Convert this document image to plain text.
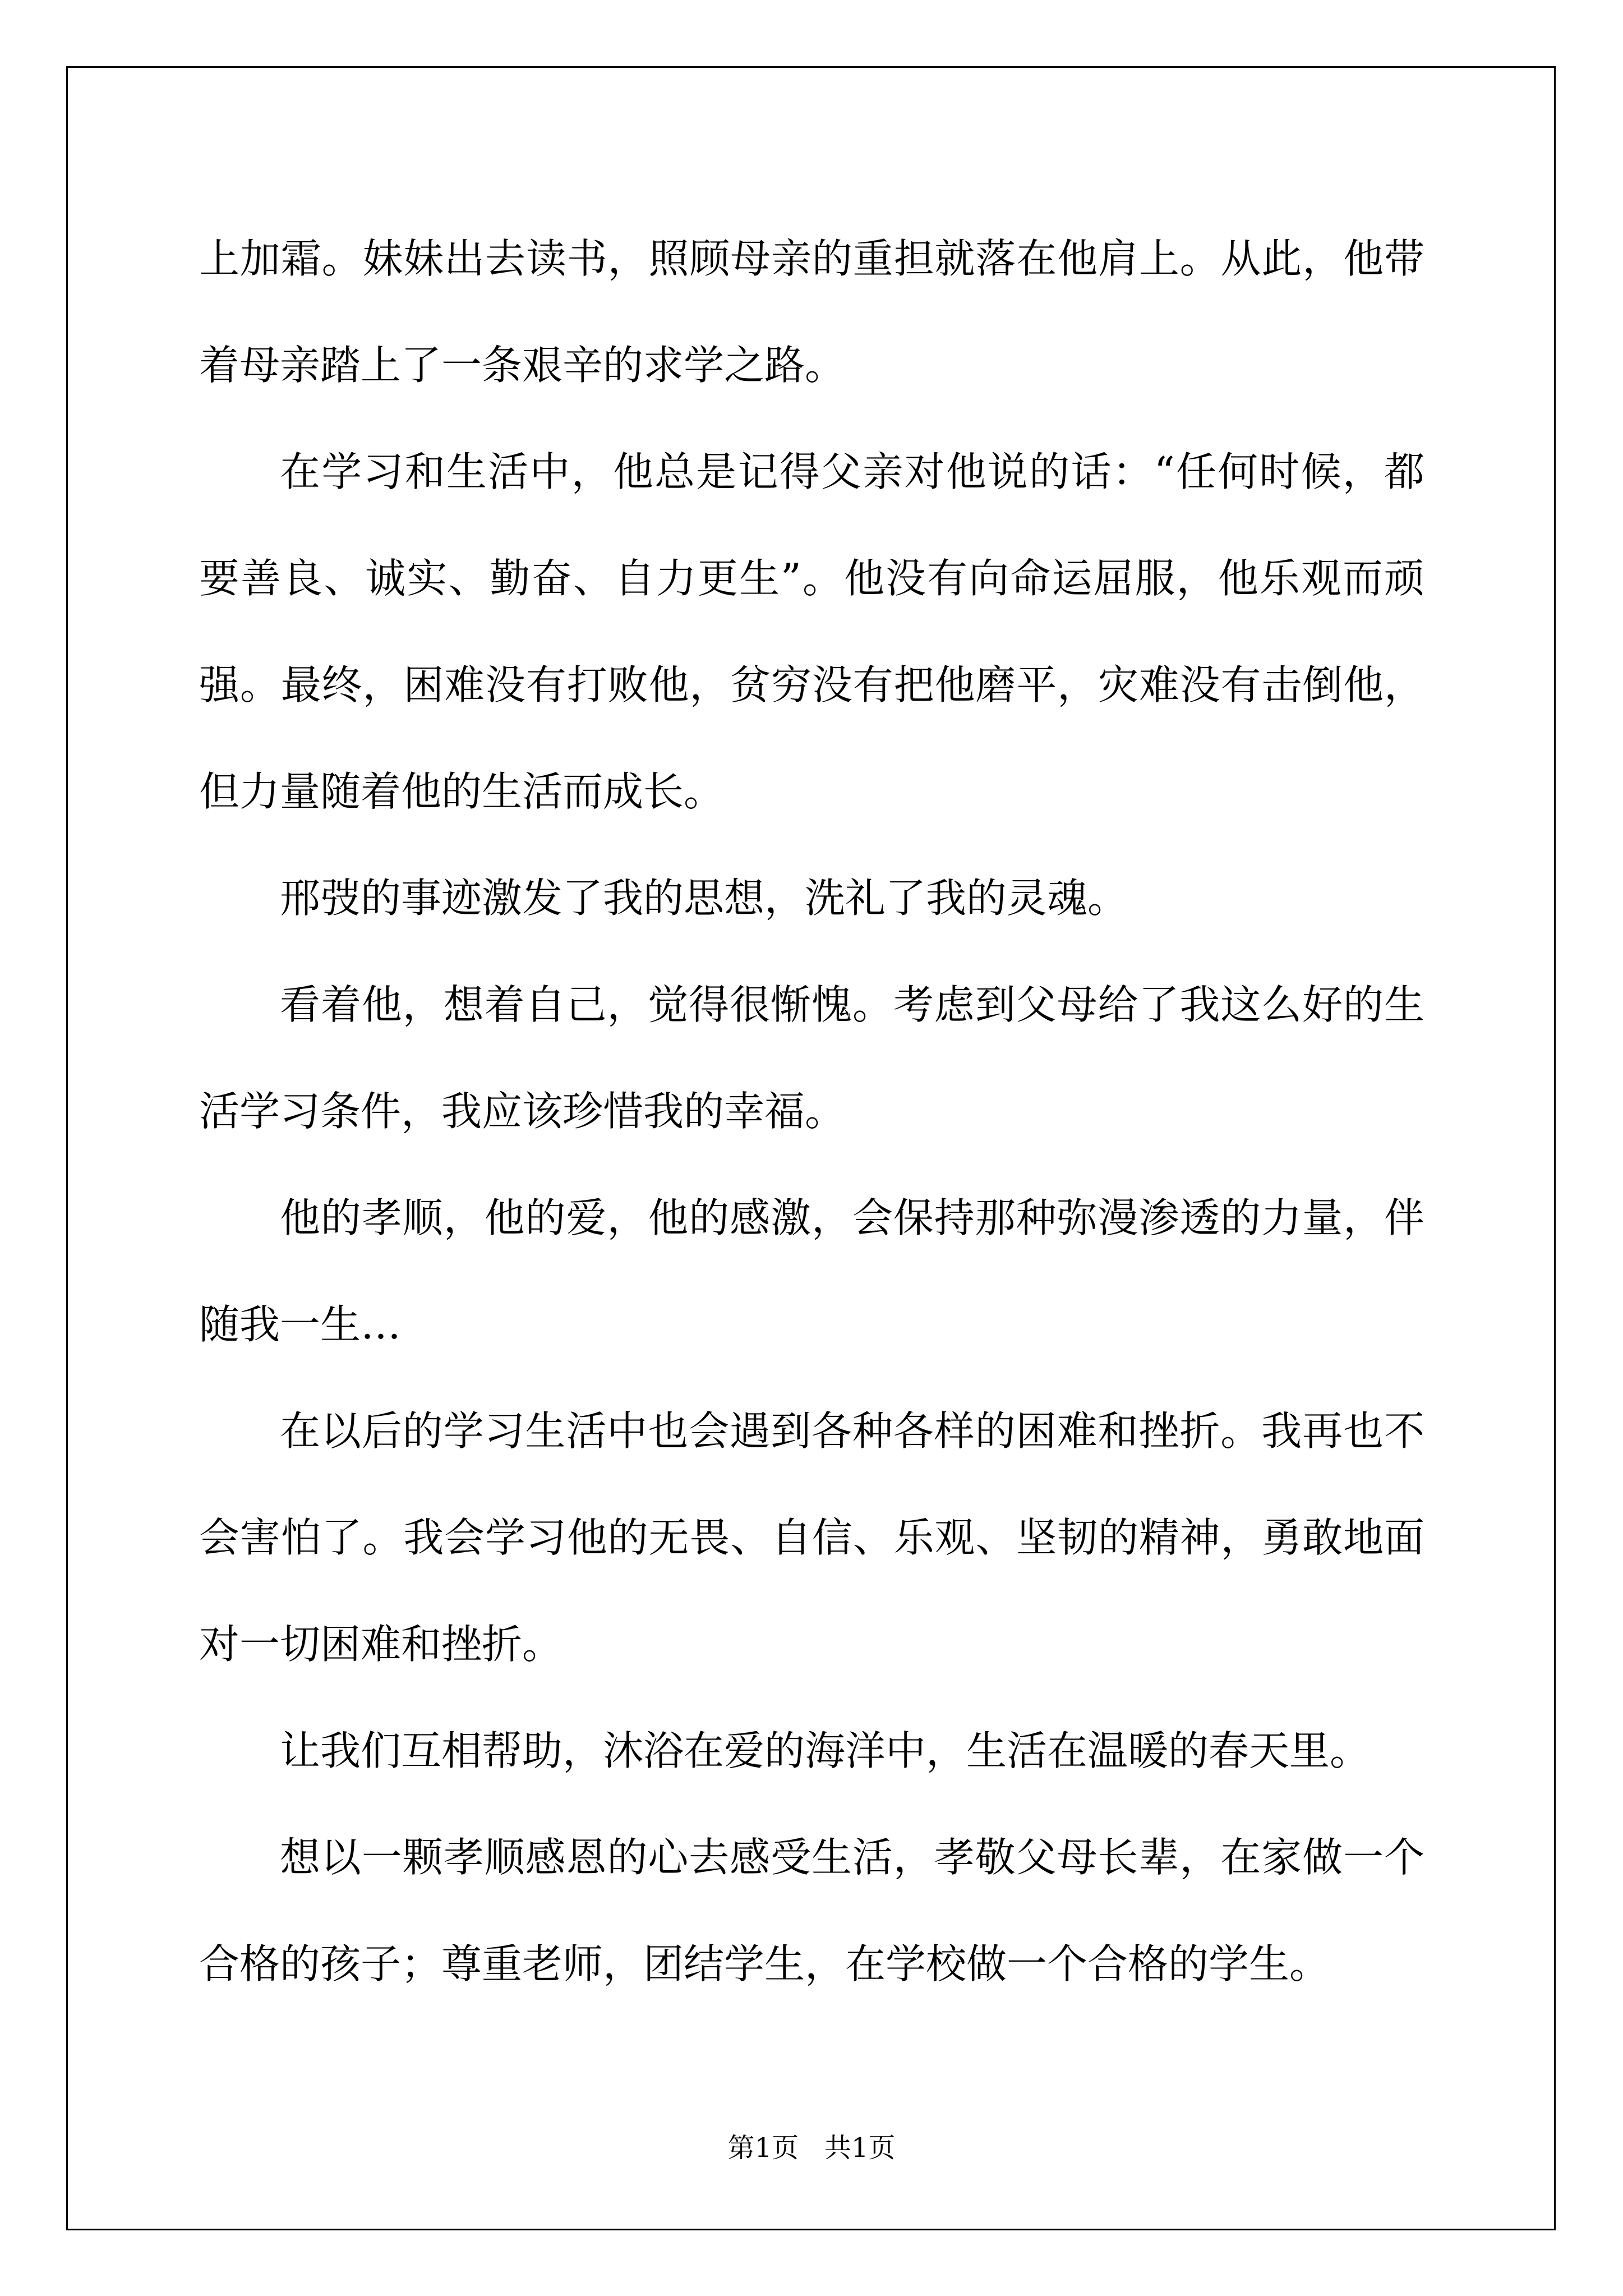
上加霜。妹妹出去读书，照顾母亲的重担就落在他肩上。从此，他带着母亲踏上了一条艰辛的求学之路。

在学习和生活中，他总是记得父亲对他说的话：“任何时候，都要善良、诚实、勤奋、自力更生”。他没有向命运屈服，他乐观而顽强。最终，困难没有打败他，贫穷没有把他磨平，灾难没有击倒他，但力量随着他的生活而成长。

邢弢的事迹激发了我的思想，洗礼了我的灵魂。

看着他，想着自己，觉得很惭愧。考虑到父母给了我这么好的生活学习条件，我应该珍惜我的幸福。

他的孝顺，他的爱，他的感激，会保持那种弥漫渗透的力量，伴随我一生…

在以后的学习生活中也会遇到各种各样的困难和挫折。我再也不会害怕了。我会学习他的无畏、自信、乐观、坚韧的精神，勇敢地面对一切困难和挫折。

让我们互相帮助，沐浴在爱的海洋中，生活在温暖的春天里。

想以一颗孝顺感恩的心去感受生活，孝敬父母长辈，在家做一个合格的孩子；尊重老师，团结学生，在学校做一个合格的学生。

第1页   共1页
